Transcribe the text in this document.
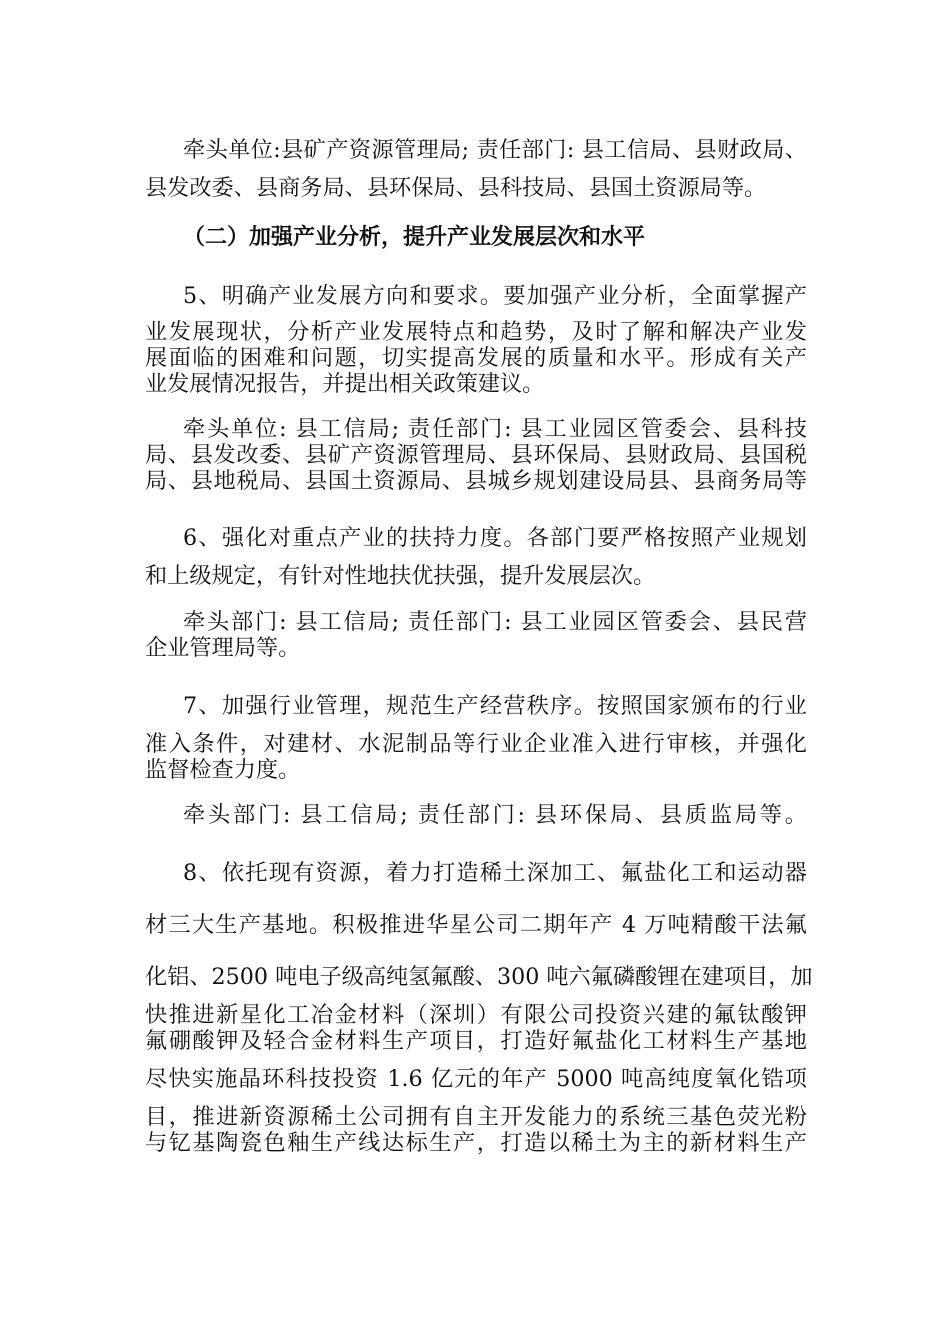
牵头单位:县矿产资源管理局; 责任部门: 县工信局、县财政局、
县发改委、县商务局、县环保局、县科技局、县国土资源局等。
（二）加强产业分析，提升产业发展层次和水平
5、明确产业发展方向和要求。要加强产业分析，全面掌握产
业发展现状，分析产业发展特点和趋势，及时了解和解决产业发
展面临的困难和问题，切实提高发展的质量和水平。形成有关产
业发展情况报告，并提出相关政策建议。
牵头单位: 县工信局; 责任部门: 县工业园区管委会、县科技
局、县发改委、县矿产资源管理局、县环保局、县财政局、县国税
局、县地税局、县国土资源局、县城乡规划建设局县、县商务局等
6、强化对重点产业的扶持力度。各部门要严格按照产业规划
和上级规定，有针对性地扶优扶强，提升发展层次。
牵头部门: 县工信局; 责任部门: 县工业园区管委会、县民营
企业管理局等。
7、加强行业管理，规范生产经营秩序。按照国家颁布的行业
准入条件，对建材、水泥制品等行业企业准入进行审核，并强化
监督检查力度。
牵头部门: 县工信局; 责任部门: 县环保局、县质监局等。
8、依托现有资源，着力打造稀土深加工、氟盐化工和运动器
材三大生产基地。积极推进华星公司二期年产 4 万吨精酸干法氟
化铝、2500 吨电子级高纯氢氟酸、300 吨六氟磷酸锂在建项目，加
快推进新星化工冶金材料（深圳）有限公司投资兴建的氟钛酸钾
氟硼酸钾及轻合金材料生产项目，打造好氟盐化工材料生产基地
尽快实施晶环科技投资 1.6 亿元的年产 5000 吨高纯度氧化锆项
目，推进新资源稀土公司拥有自主开发能力的系统三基色荧光粉
与钇基陶瓷色釉生产线达标生产，打造以稀土为主的新材料生产
